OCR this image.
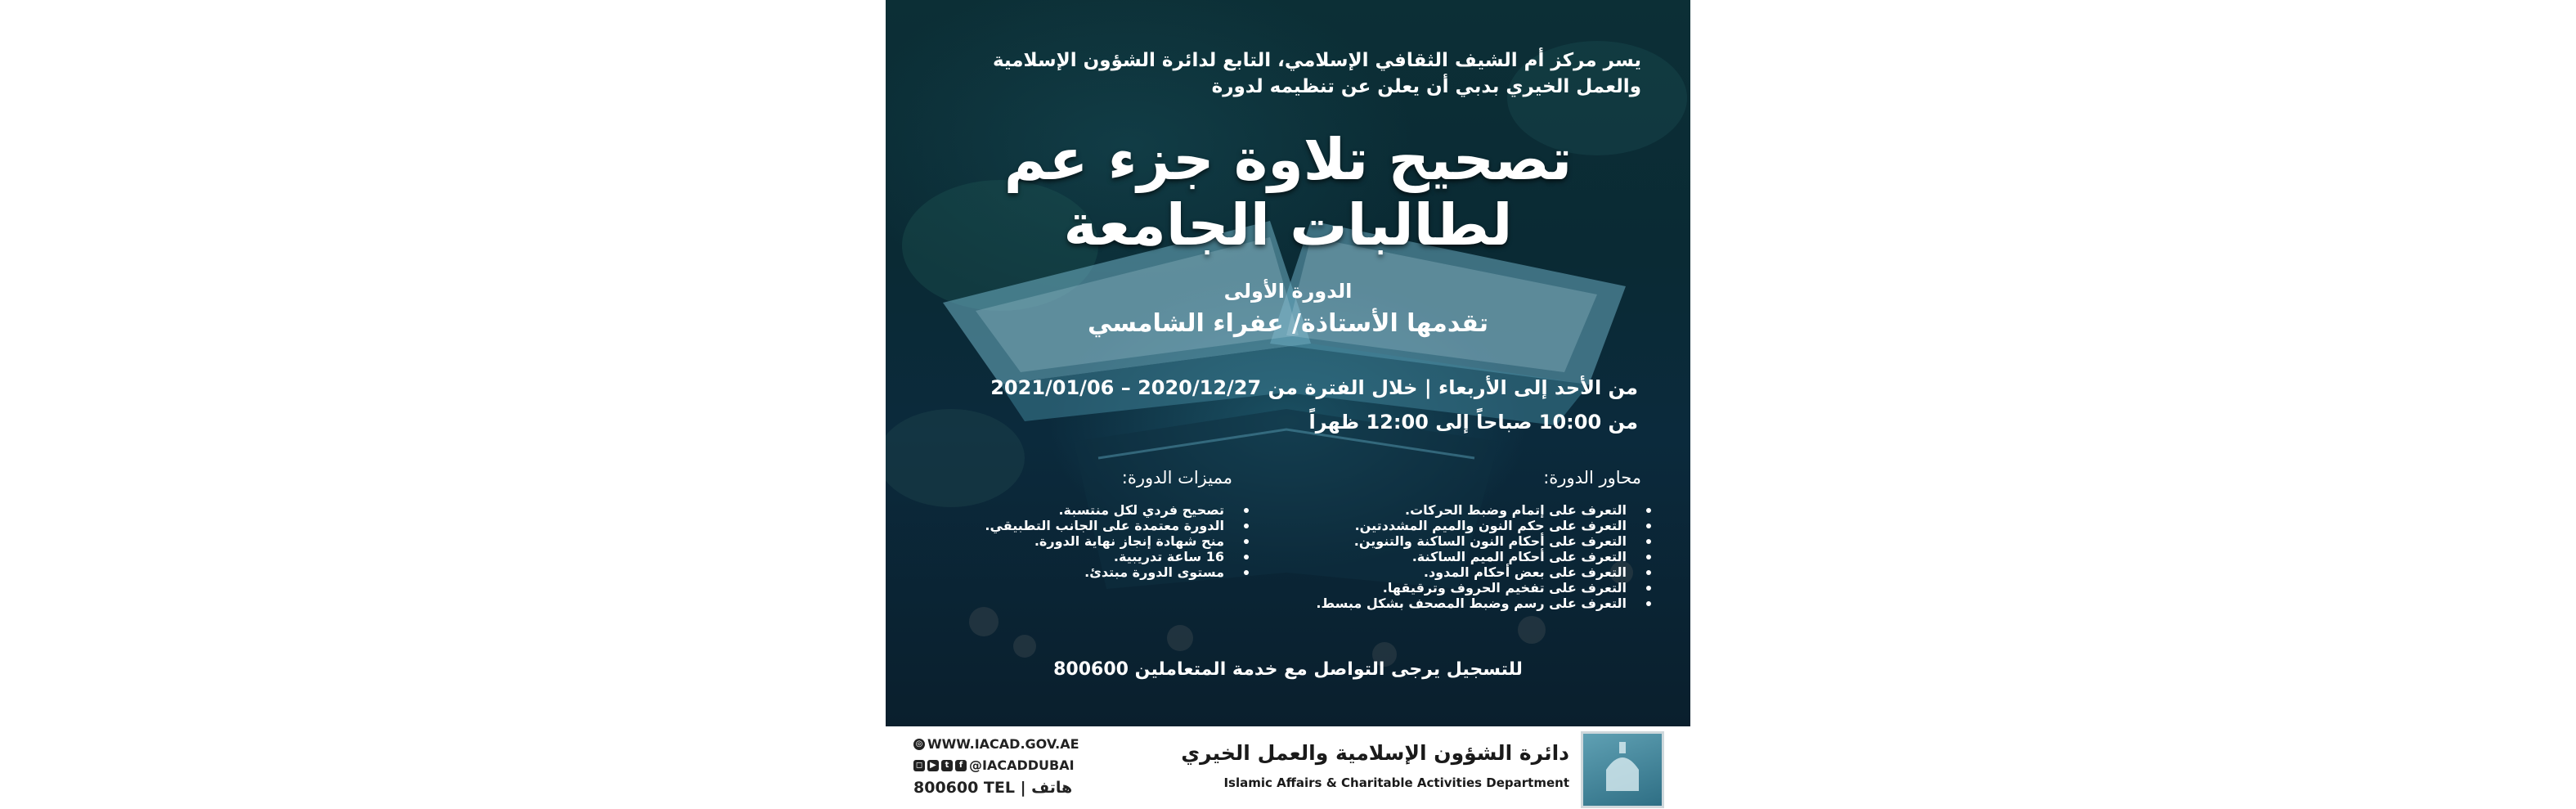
يسر مركز أم الشيف الثقافي الإسلامي، التابع لدائرة الشؤون الإسلامية والعمل الخيري بدبي أن يعلن عن تنظيمه لدورة
تصحيح تلاوة جزء عم
لطالبات الجامعة
الدورة الأولى
تقدمها الأستاذة/ عفراء الشامسي
من الأحد إلى الأربعاء | خلال الفترة من 2020/12/27 – 2021/01/06
من 10:00 صباحاً إلى 12:00 ظهراً
محاور الدورة:
التعرف على إتمام وضبط الحركات.
التعرف على حكم النون والميم المشددتين.
التعرف على أحكام النون الساكنة والتنوين.
التعرف على أحكام الميم الساكنة.
التعرف على بعض أحكام المدود.
التعرف على تفخيم الحروف وترقيقها.
التعرف على رسم وضبط المصحف بشكل مبسط.
مميزات الدورة:
تصحيح فردي لكل منتسبة.
الدورة معتمدة على الجانب التطبيقي.
منح شهادة إنجاز نهاية الدورة.
16 ساعة تدريبية.
مستوى الدورة مبتدئ.
للتسجيل يرجى التواصل مع خدمة المتعاملين 800600
دائرة الشؤون الإسلامية والعمل الخيري
Islamic Affairs & Charitable Activities Department
◎ WWW.IACAD.GOV.AE
◻ ▶	t	f @IACADDUBAI
800600 TEL | هاتف
